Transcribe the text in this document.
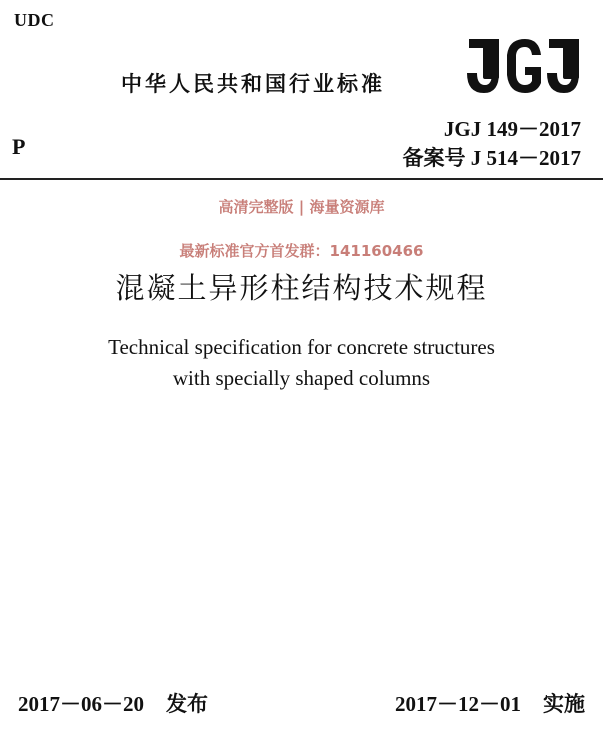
UDC
中华人民共和国行业标准
JGJ
JGJ 149－2017
P	备案号 J 514－2017
高清完整版 | 海量资源库
最新标准官方首发群：141160466
混凝土异形柱结构技术规程
Technical specification for concrete structures
with specially shaped columns
2017－06－20 发布	2017－12－01 实施
